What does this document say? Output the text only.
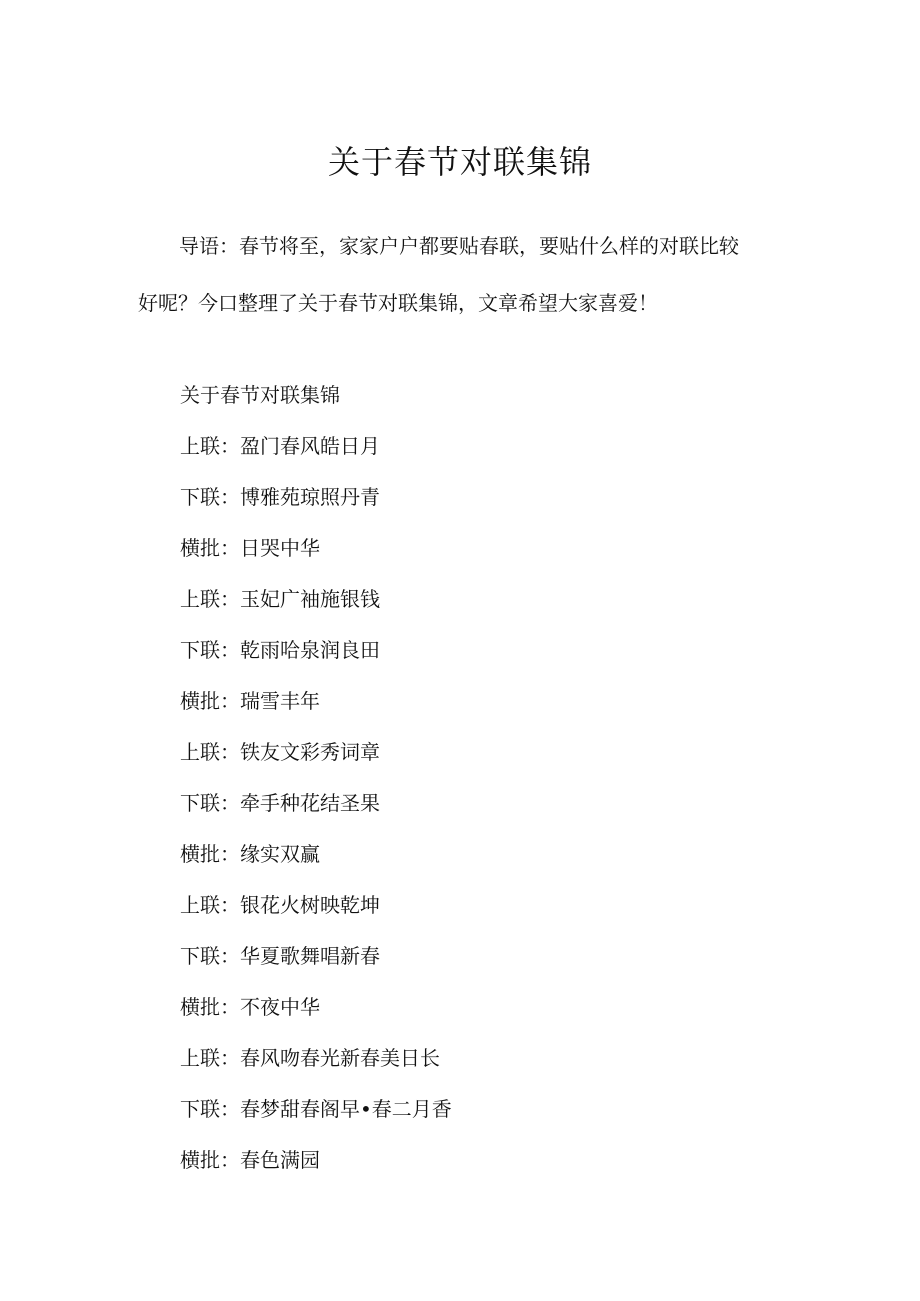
关于春节对联集锦

导语：春节将至，家家户户都要贴春联，要贴什么样的对联比较
好呢？今口整理了关于春节对联集锦，文章希望大家喜爱！

关于春节对联集锦
上联：盈门春风皓日月
下联：博雅苑琼照丹青
横批：日哭中华
上联：玉妃广袖施银钱
下联：乾雨哈泉润良田
横批：瑞雪丰年
上联：铁友文彩秀词章
下联：牵手种花结圣果
横批：缘实双赢
上联：银花火树映乾坤
下联：华夏歌舞唱新春
横批：不夜中华
上联：春风吻春光新春美日长
下联：春梦甜春阁早•春二月香
横批：春色满园
